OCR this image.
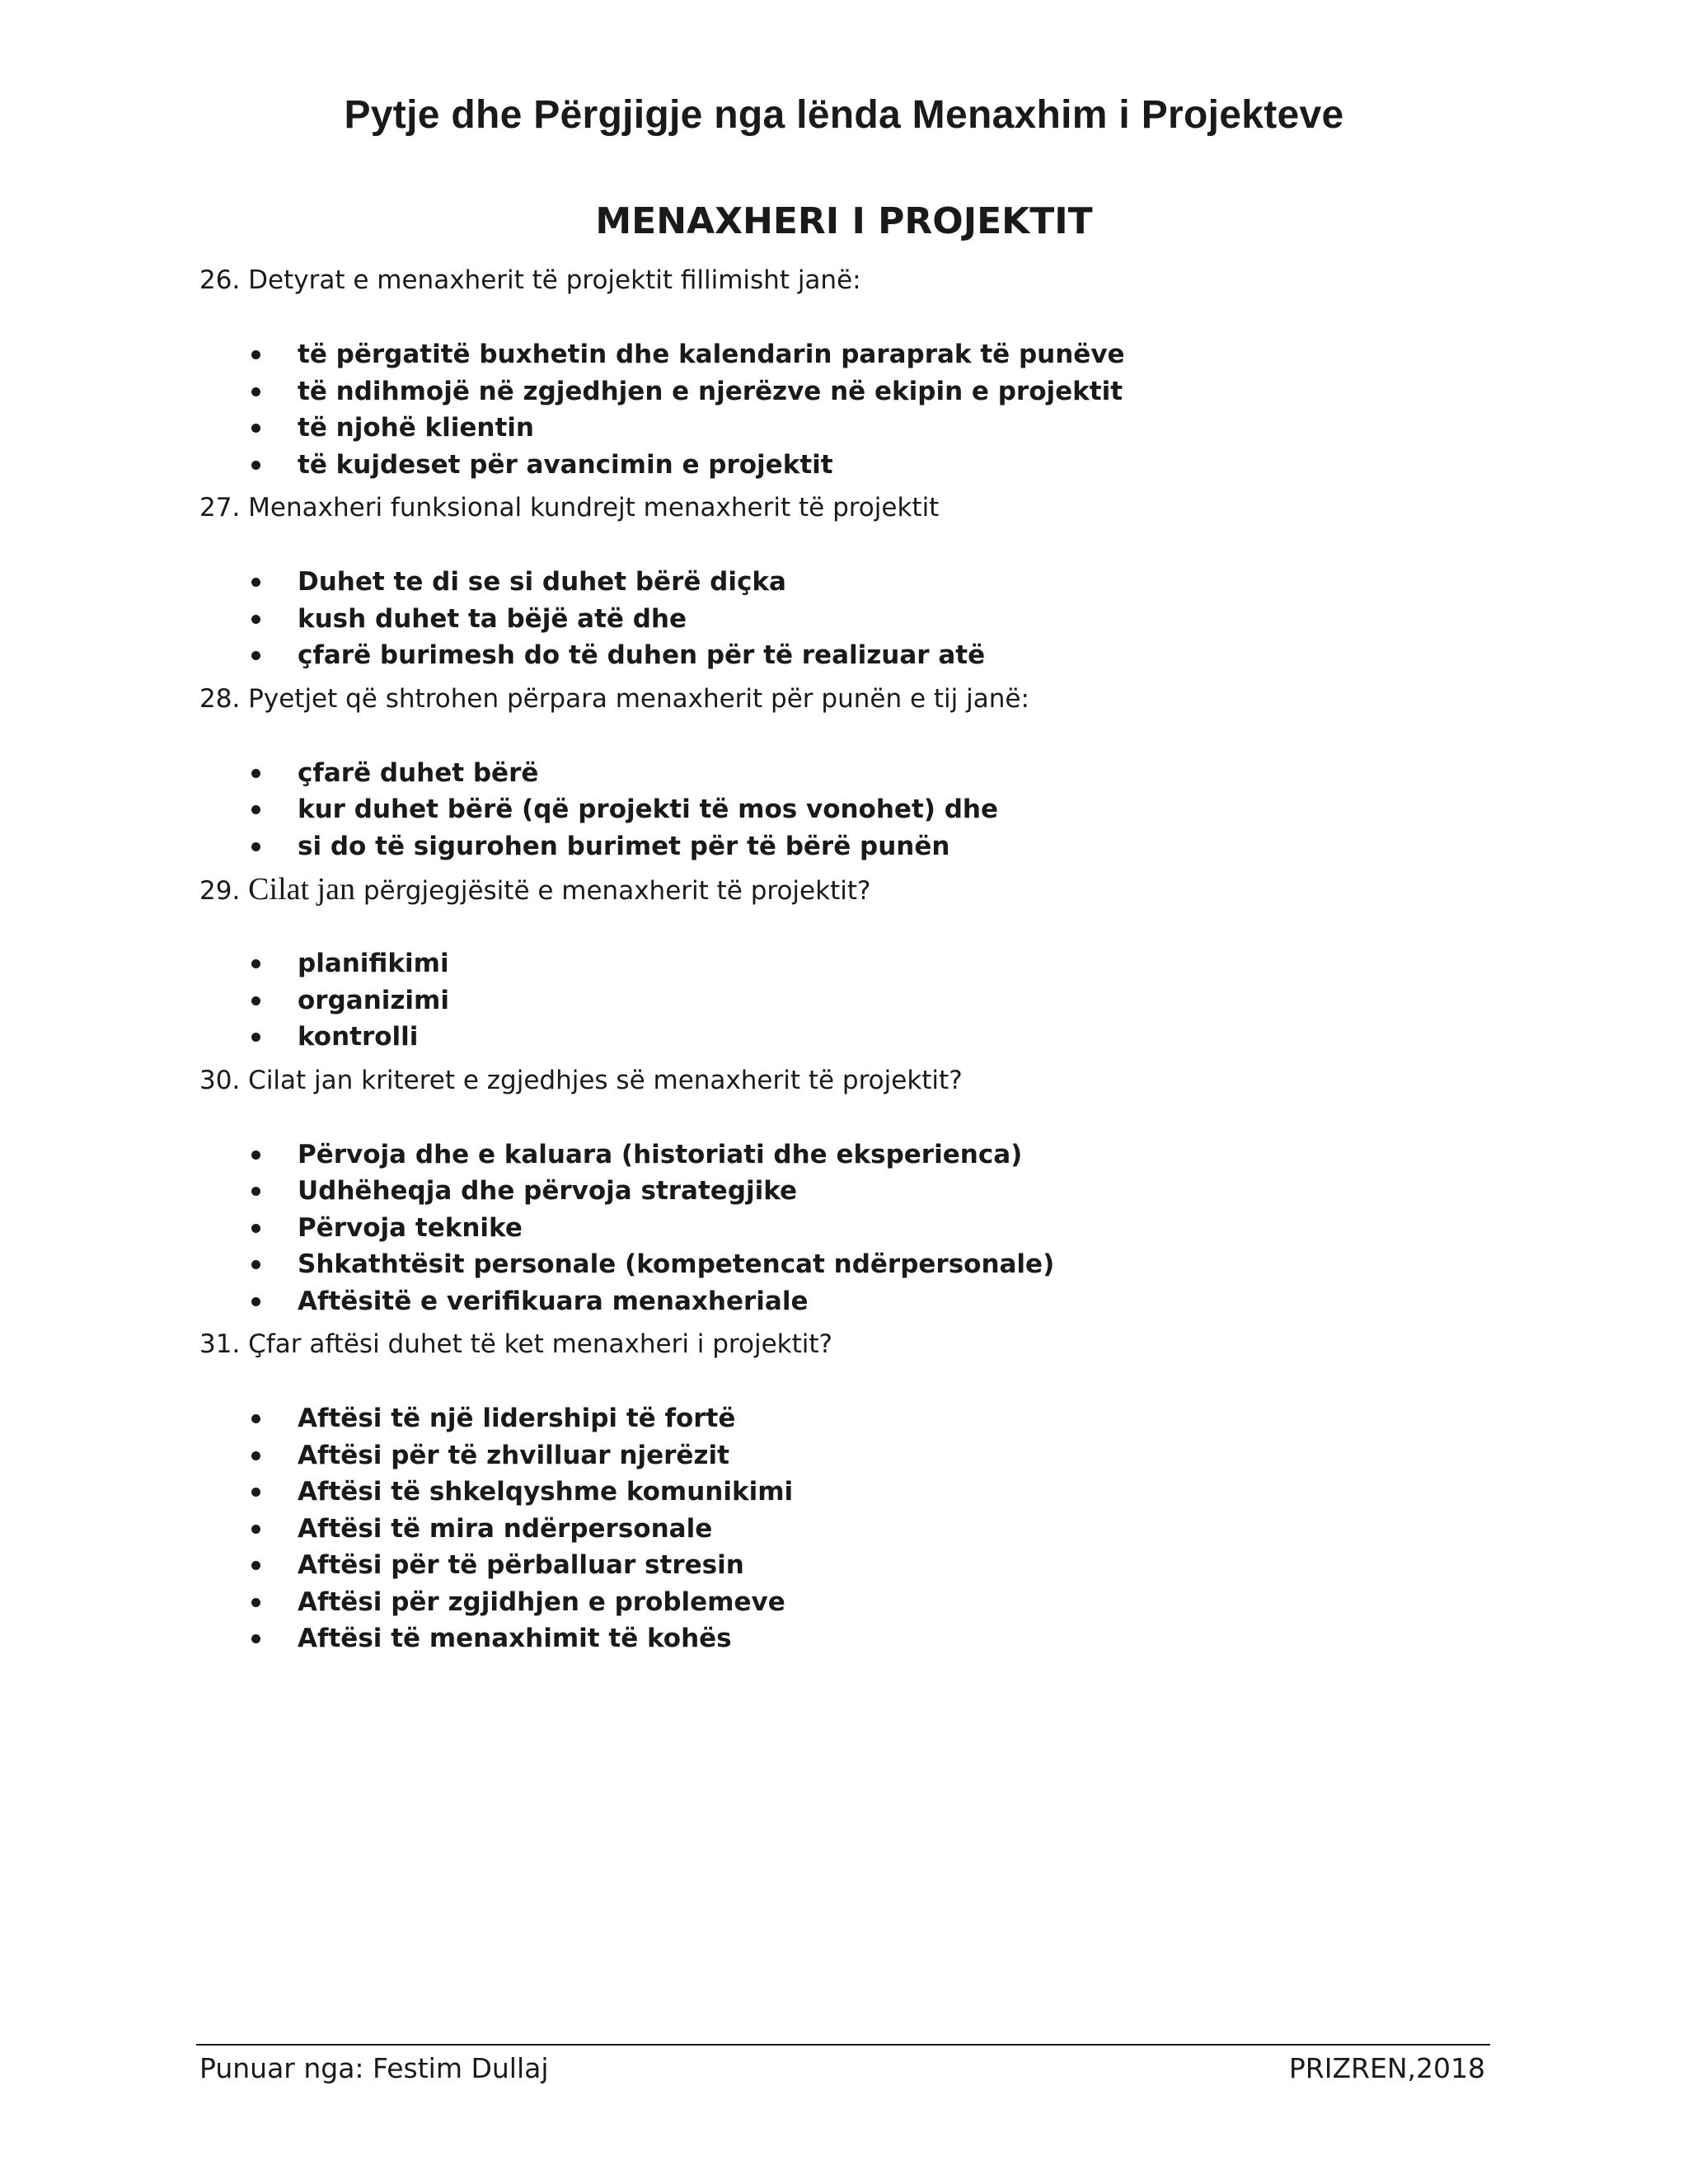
Pytje dhe Përgjigje nga lënda Menaxhim i Projekteve
MENAXHERI I PROJEKTIT
26. Detyrat e menaxherit të projektit fillimisht janë:
të përgatitë buxhetin dhe kalendarin paraprak të punëve
të ndihmojë në zgjedhjen e njerëzve në ekipin e projektit
të njohë klientin
të kujdeset për avancimin e projektit
27. Menaxheri funksional kundrejt menaxherit të projektit
Duhet te di se si duhet bërë diçka
kush duhet ta bëjë atë dhe
çfarë burimesh do të duhen për të realizuar atë
28. Pyetjet që shtrohen përpara menaxherit për punën e tij janë:
çfarë duhet bërë
kur duhet bërë (që projekti të mos vonohet) dhe
si do të sigurohen burimet për të bërë punën
29. Cilat jan përgjegjësitë e menaxherit të projektit?
planifikimi
organizimi
kontrolli
30. Cilat jan kriteret e zgjedhjes së menaxherit të projektit?
Përvoja dhe e kaluara (historiati dhe eksperienca)
Udhëheqja dhe përvoja strategjike
Përvoja teknike
Shkathtësit personale (kompetencat ndërpersonale)
Aftësitë e verifikuara menaxheriale
31. Çfar aftësi duhet të ket menaxheri i projektit?
Aftësi të një lidershipi të fortë
Aftësi për të zhvilluar njerëzit
Aftësi të shkelqyshme komunikimi
Aftësi të mira ndërpersonale
Aftësi për të përballuar stresin
Aftësi për zgjidhjen e problemeve
Aftësi të menaxhimit të kohës
Punuar nga: Festim Dullaj	PRIZREN,2018
